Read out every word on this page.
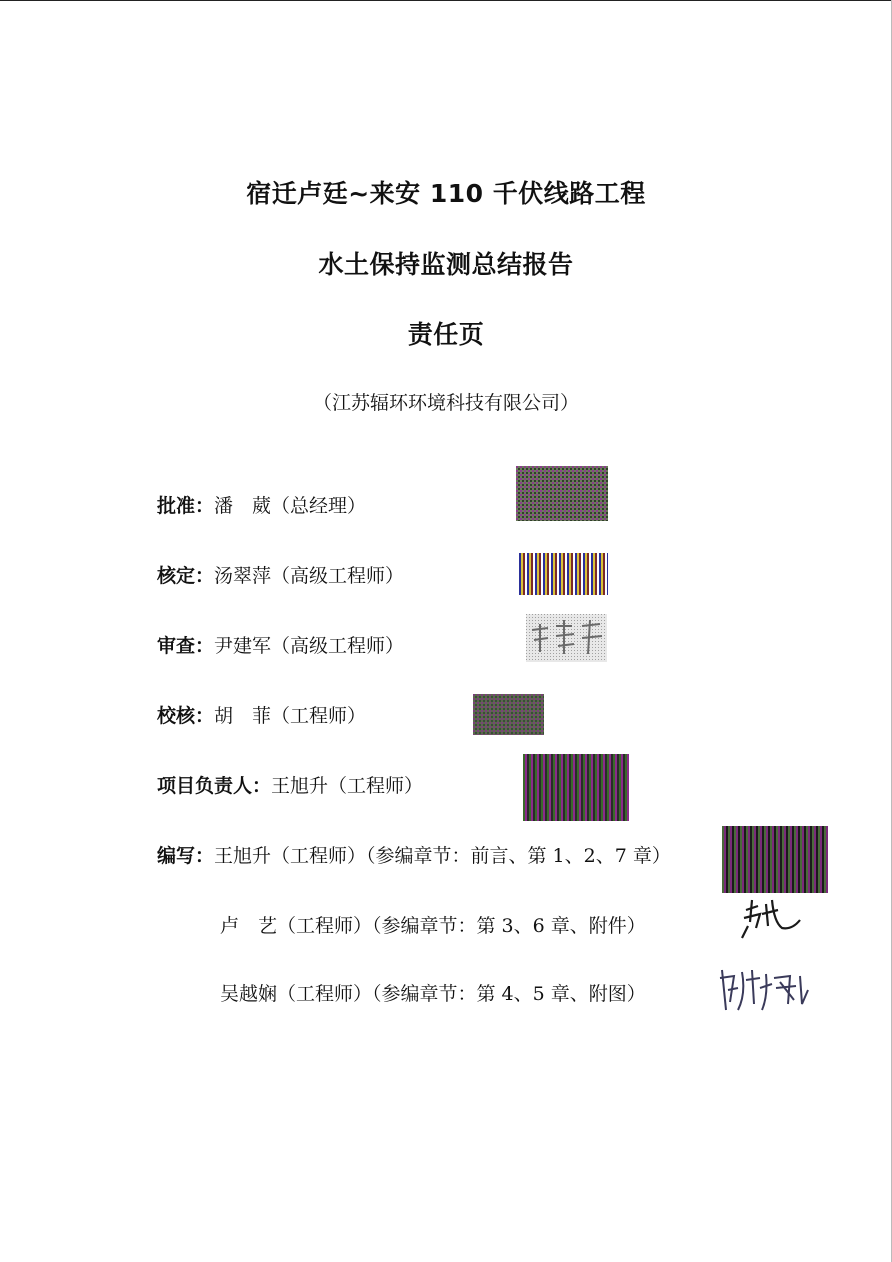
宿迁卢廷~来安 110 千伏线路工程
水土保持监测总结报告
责任页
（江苏辐环环境科技有限公司）
批准：潘　葳（总经理）
核定：汤翠萍（高级工程师）
审查：尹建军（高级工程师）
校核：胡　菲（工程师）
项目负责人：王旭升（工程师）
编写：王旭升（工程师）（参编章节：前言、第 1、2、7 章）
卢　艺（工程师）（参编章节：第 3、6 章、附件）
吴越娴（工程师）（参编章节：第 4、5 章、附图）
